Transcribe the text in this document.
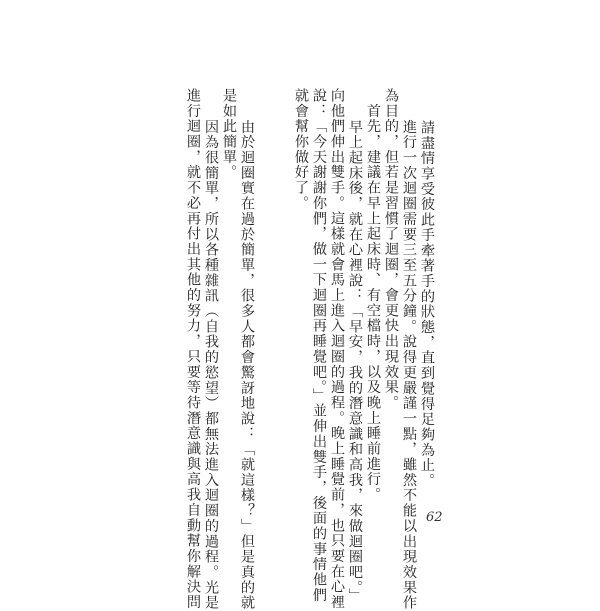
請盡情享受彼此手牽著手的狀態，直到覺得足夠為止。

　進行一次迴圈需要三至五分鐘。說得更嚴謹一點，雖然不能以出現效果作

為目的，但若是習慣了迴圈，會更快出現效果。

　首先，建議在早上起床時、有空檔時，以及晚上睡前進行。

　早上起床後，就在心裡說：「早安，我的潛意識和高我，來做迴圈吧。」

向他們伸出雙手。這樣就會馬上進入迴圈的過程。晚上睡覺前，也只要在心裡

說：「今天謝謝你們，做一下迴圈再睡覺吧。」並伸出雙手，後面的事情他們

就會幫你做好了。

　由於迴圈實在過於簡單，很多人都會驚訝地說：「就這樣？」但是真的就

是如此簡單。

　因為很簡單，所以各種雜訊（自我的慾望）都無法進入迴圈的過程。光是

進行迴圈，就不必再付出其他的努力，只要等待潛意識與高我自動幫你解決問	62
